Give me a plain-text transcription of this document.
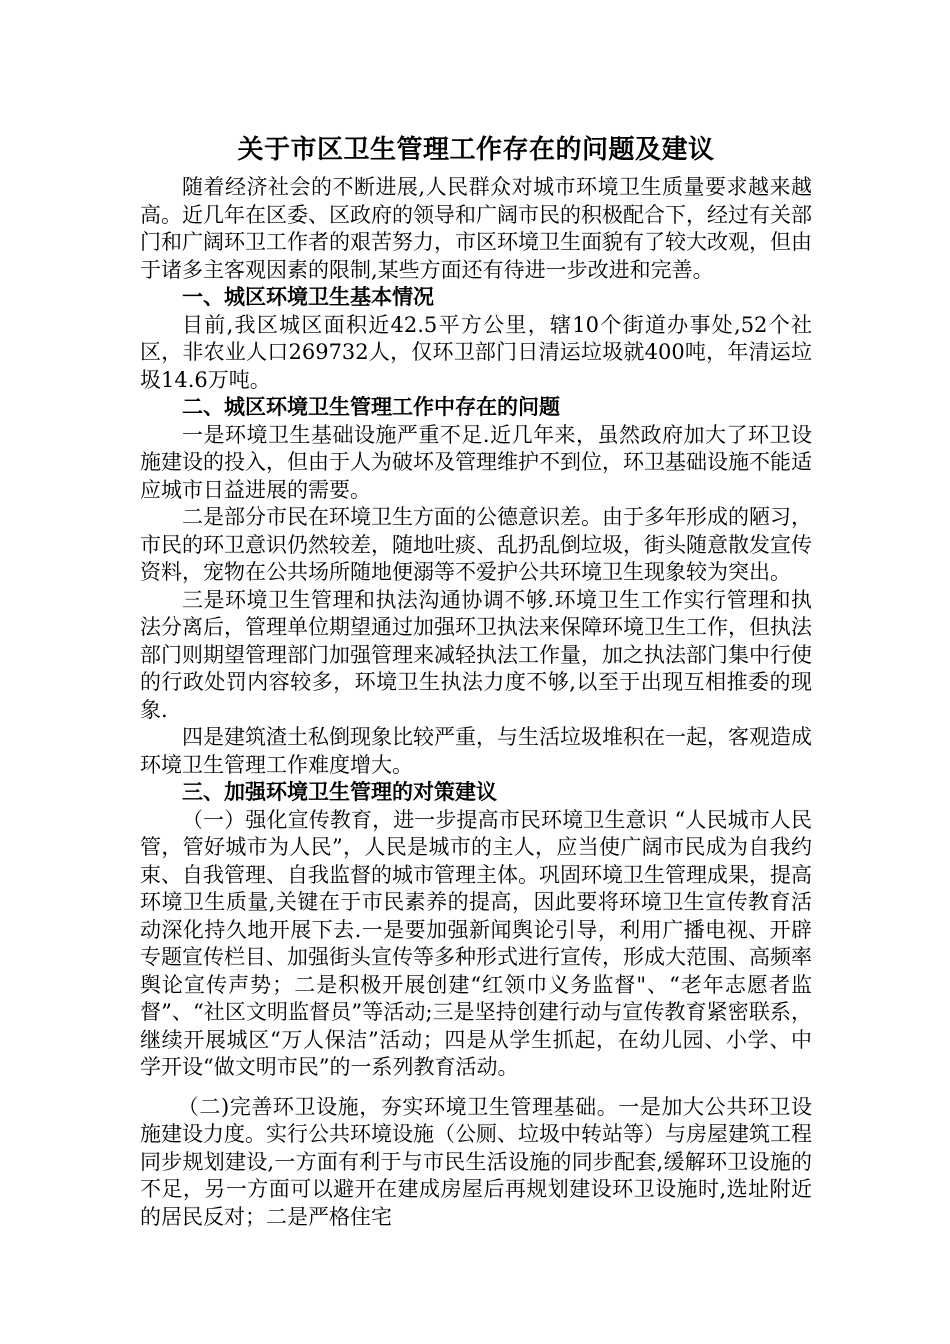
关于市区卫生管理工作存在的问题及建议

随着经济社会的不断进展,人民群众对城市环境卫生质量要求越来越高。近几年在区委、区政府的领导和广阔市民的积极配合下，经过有关部门和广阔环卫工作者的艰苦努力，市区环境卫生面貌有了较大改观，但由于诸多主客观因素的限制,某些方面还有待进一步改进和完善。

一、城区环境卫生基本情况

目前,我区城区面积近42.5平方公里，辖10个街道办事处,52个社区，非农业人口269732人，仅环卫部门日清运垃圾就400吨，年清运垃圾14.6万吨。

二、城区环境卫生管理工作中存在的问题

一是环境卫生基础设施严重不足.近几年来，虽然政府加大了环卫设施建设的投入，但由于人为破坏及管理维护不到位，环卫基础设施不能适应城市日益进展的需要。

二是部分市民在环境卫生方面的公德意识差。由于多年形成的陋习，市民的环卫意识仍然较差，随地吐痰、乱扔乱倒垃圾，街头随意散发宣传资料，宠物在公共场所随地便溺等不爱护公共环境卫生现象较为突出。

三是环境卫生管理和执法沟通协调不够.环境卫生工作实行管理和执法分离后，管理单位期望通过加强环卫执法来保障环境卫生工作，但执法部门则期望管理部门加强管理来减轻执法工作量，加之执法部门集中行使的行政处罚内容较多，环境卫生执法力度不够,以至于出现互相推委的现象.

四是建筑渣土私倒现象比较严重，与生活垃圾堆积在一起，客观造成环境卫生管理工作难度增大。

三、加强环境卫生管理的对策建议

（一）强化宣传教育，进一步提高市民环境卫生意识 “人民城市人民管，管好城市为人民”，人民是城市的主人，应当使广阔市民成为自我约束、自我管理、自我监督的城市管理主体。巩固环境卫生管理成果，提高环境卫生质量,关键在于市民素养的提高，因此要将环境卫生宣传教育活动深化持久地开展下去.一是要加强新闻舆论引导，利用广播电视、开辟专题宣传栏目、加强街头宣传等多种形式进行宣传，形成大范围、高频率舆论宣传声势；二是积极开展创建“红领巾义务监督"、“老年志愿者监督”、“社区文明监督员”等活动;三是坚持创建行动与宣传教育紧密联系，继续开展城区“万人保洁”活动；四是从学生抓起，在幼儿园、小学、中学开设“做文明市民”的一系列教育活动。

（二)完善环卫设施，夯实环境卫生管理基础。一是加大公共环卫设施建设力度。实行公共环境设施（公厕、垃圾中转站等）与房屋建筑工程同步规划建设,一方面有利于与市民生活设施的同步配套,缓解环卫设施的不足，另一方面可以避开在建成房屋后再规划建设环卫设施时,选址附近的居民反对；二是严格住宅
